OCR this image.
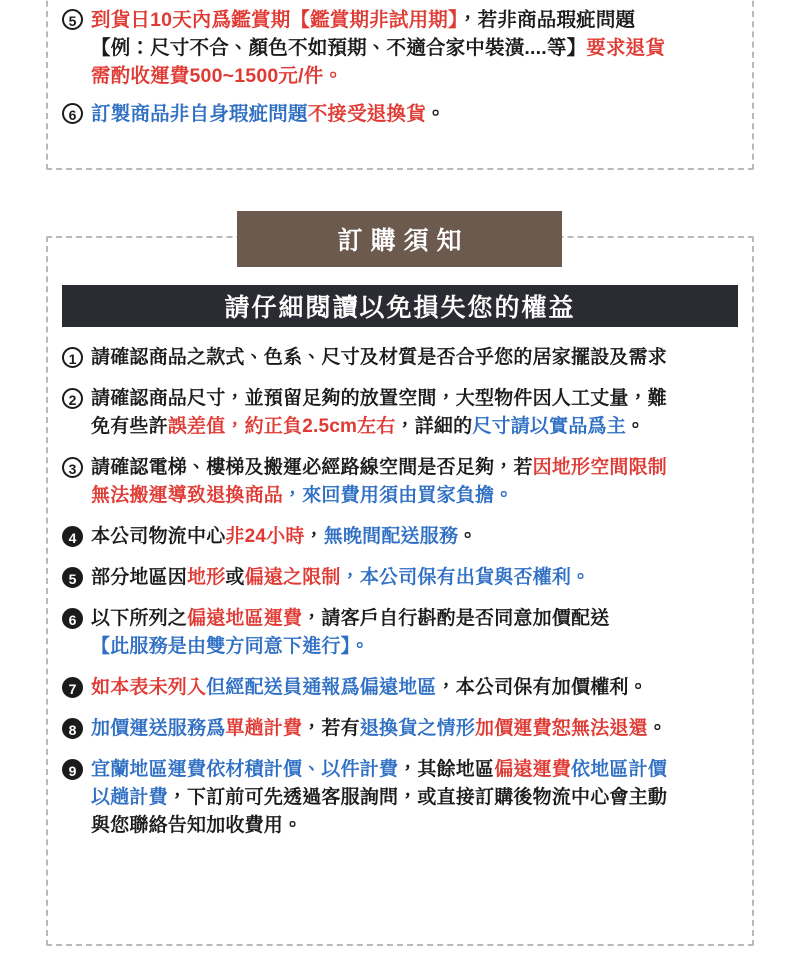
5 到貨日10天內爲鑑賞期【鑑賞期非試用期】，若非商品瑕疵問題
【例：尺寸不合、顏色不如預期、不適合家中裝潢....等】要求退貨
需酌收運費500~1500元/件。
6 訂製商品非自身瑕疵問題不接受退換貨。
訂購須知
請仔細閱讀以免損失您的權益
1 請確認商品之款式、色系、尺寸及材質是否合乎您的居家擺設及需求
2 請確認商品尺寸，並預留足夠的放置空間，大型物件因人工丈量，難
免有些許誤差值，約正負2.5cm左右，詳細的尺寸請以實品爲主。
3 請確認電梯、樓梯及搬運必經路線空間是否足夠，若因地形空間限制
無法搬運導致退換商品，來回費用須由買家負擔。
4 本公司物流中心非24小時，無晚間配送服務。
5 部分地區因地形或偏遠之限制，本公司保有出貨與否權利。
6 以下所列之偏遠地區運費，請客戶自行斟酌是否同意加價配送
【此服務是由雙方同意下進行】。
7 如本表未列入但經配送員通報爲偏遠地區，本公司保有加價權利。
8 加價運送服務爲單趟計費，若有退換貨之情形加價運費恕無法退還。
9 宜蘭地區運費依材積計價、以件計費，其餘地區偏遠運費依地區計價
以趟計費，下訂前可先透過客服詢問，或直接訂購後物流中心會主動
與您聯絡告知加收費用。
